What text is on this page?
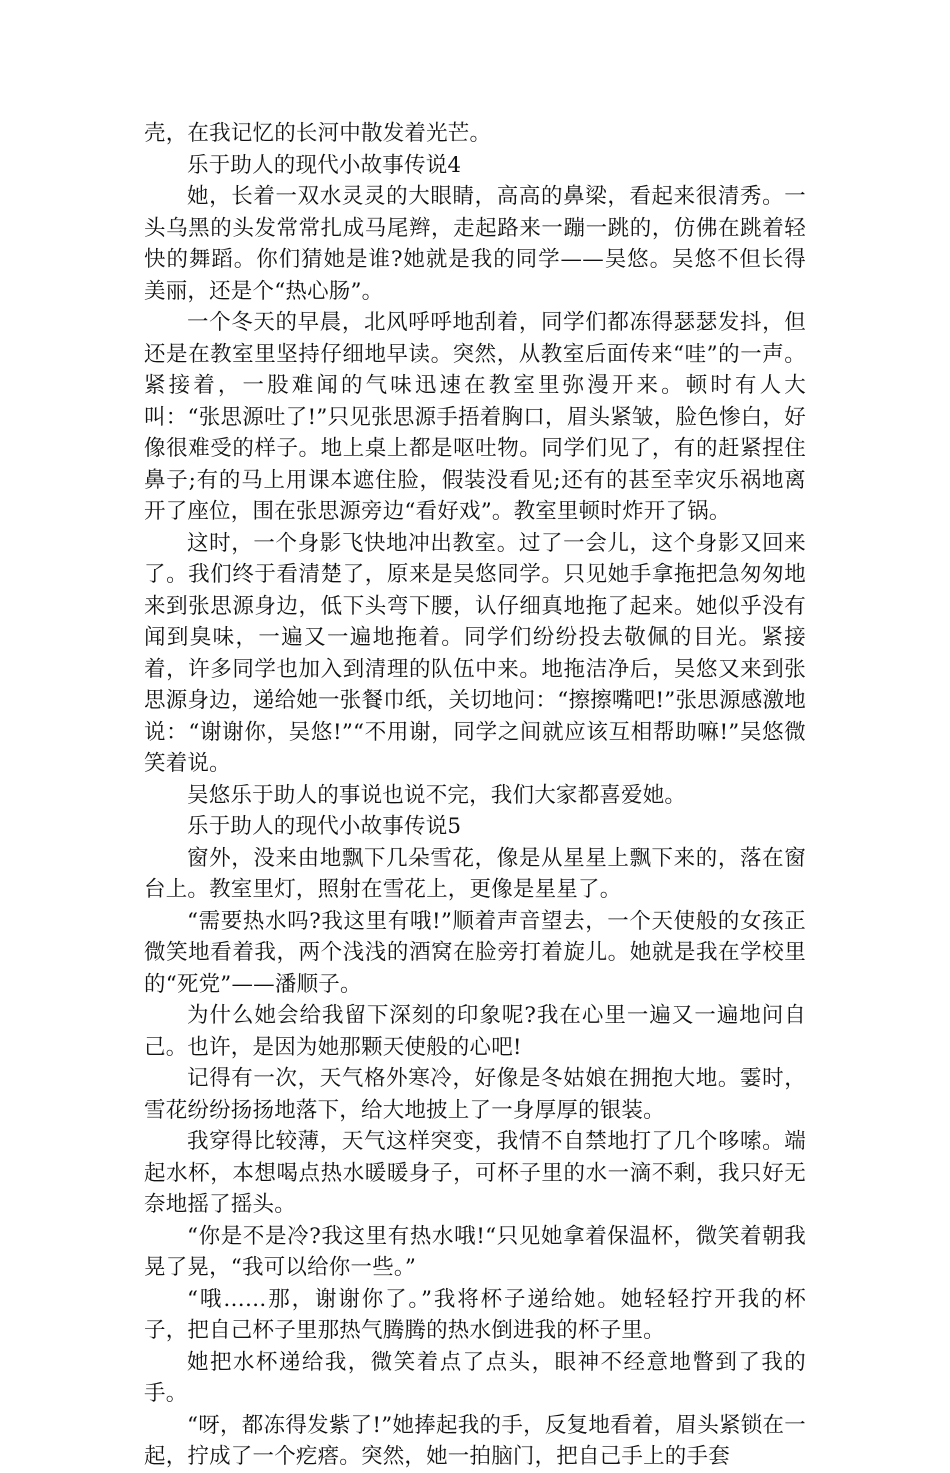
壳，在我记忆的长河中散发着光芒。

乐于助人的现代小故事传说4

她，长着一双水灵灵的大眼睛，高高的鼻梁，看起来很清秀。一头乌黑的头发常常扎成马尾辫，走起路来一蹦一跳的，仿佛在跳着轻快的舞蹈。你们猜她是谁?她就是我的同学——吴悠。吴悠不但长得美丽，还是个“热心肠”。

一个冬天的早晨，北风呼呼地刮着，同学们都冻得瑟瑟发抖，但还是在教室里坚持仔细地早读。突然，从教室后面传来“哇”的一声。紧接着，一股难闻的气味迅速在教室里弥漫开来。顿时有人大叫：“张思源吐了!”只见张思源手捂着胸口，眉头紧皱，脸色惨白，好像很难受的样子。地上桌上都是呕吐物。同学们见了，有的赶紧捏住鼻子;有的马上用课本遮住脸，假装没看见;还有的甚至幸灾乐祸地离开了座位，围在张思源旁边“看好戏”。教室里顿时炸开了锅。

这时，一个身影飞快地冲出教室。过了一会儿，这个身影又回来了。我们终于看清楚了，原来是吴悠同学。只见她手拿拖把急匆匆地来到张思源身边，低下头弯下腰，认仔细真地拖了起来。她似乎没有闻到臭味，一遍又一遍地拖着。同学们纷纷投去敬佩的目光。紧接着，许多同学也加入到清理的队伍中来。地拖洁净后，吴悠又来到张思源身边，递给她一张餐巾纸，关切地问：“擦擦嘴吧!”张思源感激地说：“谢谢你，吴悠!”“不用谢，同学之间就应该互相帮助嘛!”吴悠微笑着说。

吴悠乐于助人的事说也说不完，我们大家都喜爱她。

乐于助人的现代小故事传说5

窗外，没来由地飘下几朵雪花，像是从星星上飘下来的，落在窗台上。教室里灯，照射在雪花上，更像是星星了。

“需要热水吗?我这里有哦!”顺着声音望去，一个天使般的女孩正微笑地看着我，两个浅浅的酒窝在脸旁打着旋儿。她就是我在学校里的“死党”——潘顺子。

为什么她会给我留下深刻的印象呢?我在心里一遍又一遍地问自己。也许，是因为她那颗天使般的心吧!

记得有一次，天气格外寒冷，好像是冬姑娘在拥抱大地。霎时，雪花纷纷扬扬地落下，给大地披上了一身厚厚的银装。

我穿得比较薄，天气这样突变，我情不自禁地打了几个哆嗦。端起水杯，本想喝点热水暖暖身子，可杯子里的水一滴不剩，我只好无奈地摇了摇头。

“你是不是冷?我这里有热水哦!“只见她拿着保温杯，微笑着朝我晃了晃，“我可以给你一些。”

“哦……那，谢谢你了。”我将杯子递给她。她轻轻拧开我的杯子，把自己杯子里那热气腾腾的热水倒进我的杯子里。

她把水杯递给我，微笑着点了点头，眼神不经意地瞥到了我的手。

“呀，都冻得发紫了!”她捧起我的手，反复地看着，眉头紧锁在一起，拧成了一个疙瘩。突然，她一拍脑门，把自己手上的手套
